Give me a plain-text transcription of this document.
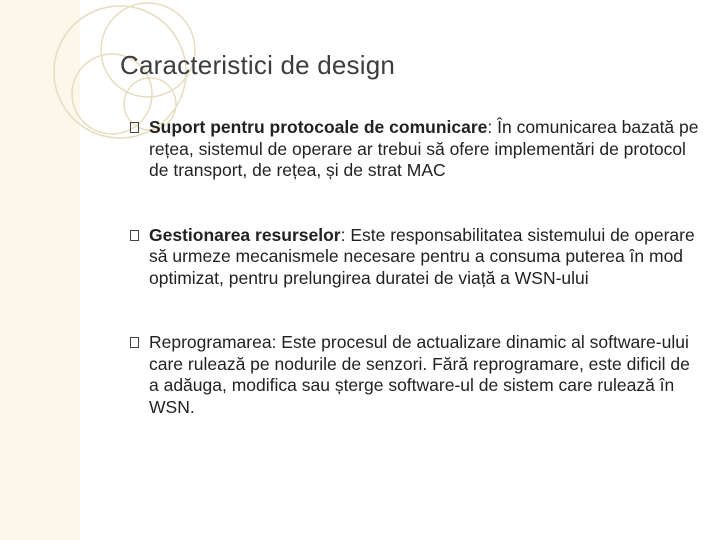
Caracteristici de design
Suport pentru protocoale de comunicare: În comunicarea bazată pe rețea, sistemul de operare ar trebui să ofere implementări de protocol de transport, de rețea, și de strat MAC
Gestionarea resurselor: Este responsabilitatea sistemului de operare să urmeze mecanismele necesare pentru a consuma puterea în mod optimizat, pentru prelungirea duratei de viață a WSN-ului
Reprogramarea: Este procesul de actualizare dinamic al software-ului care rulează pe nodurile de senzori. Fără reprogramare, este dificil de a adăuga, modifica sau șterge software-ul de sistem care rulează în WSN.
